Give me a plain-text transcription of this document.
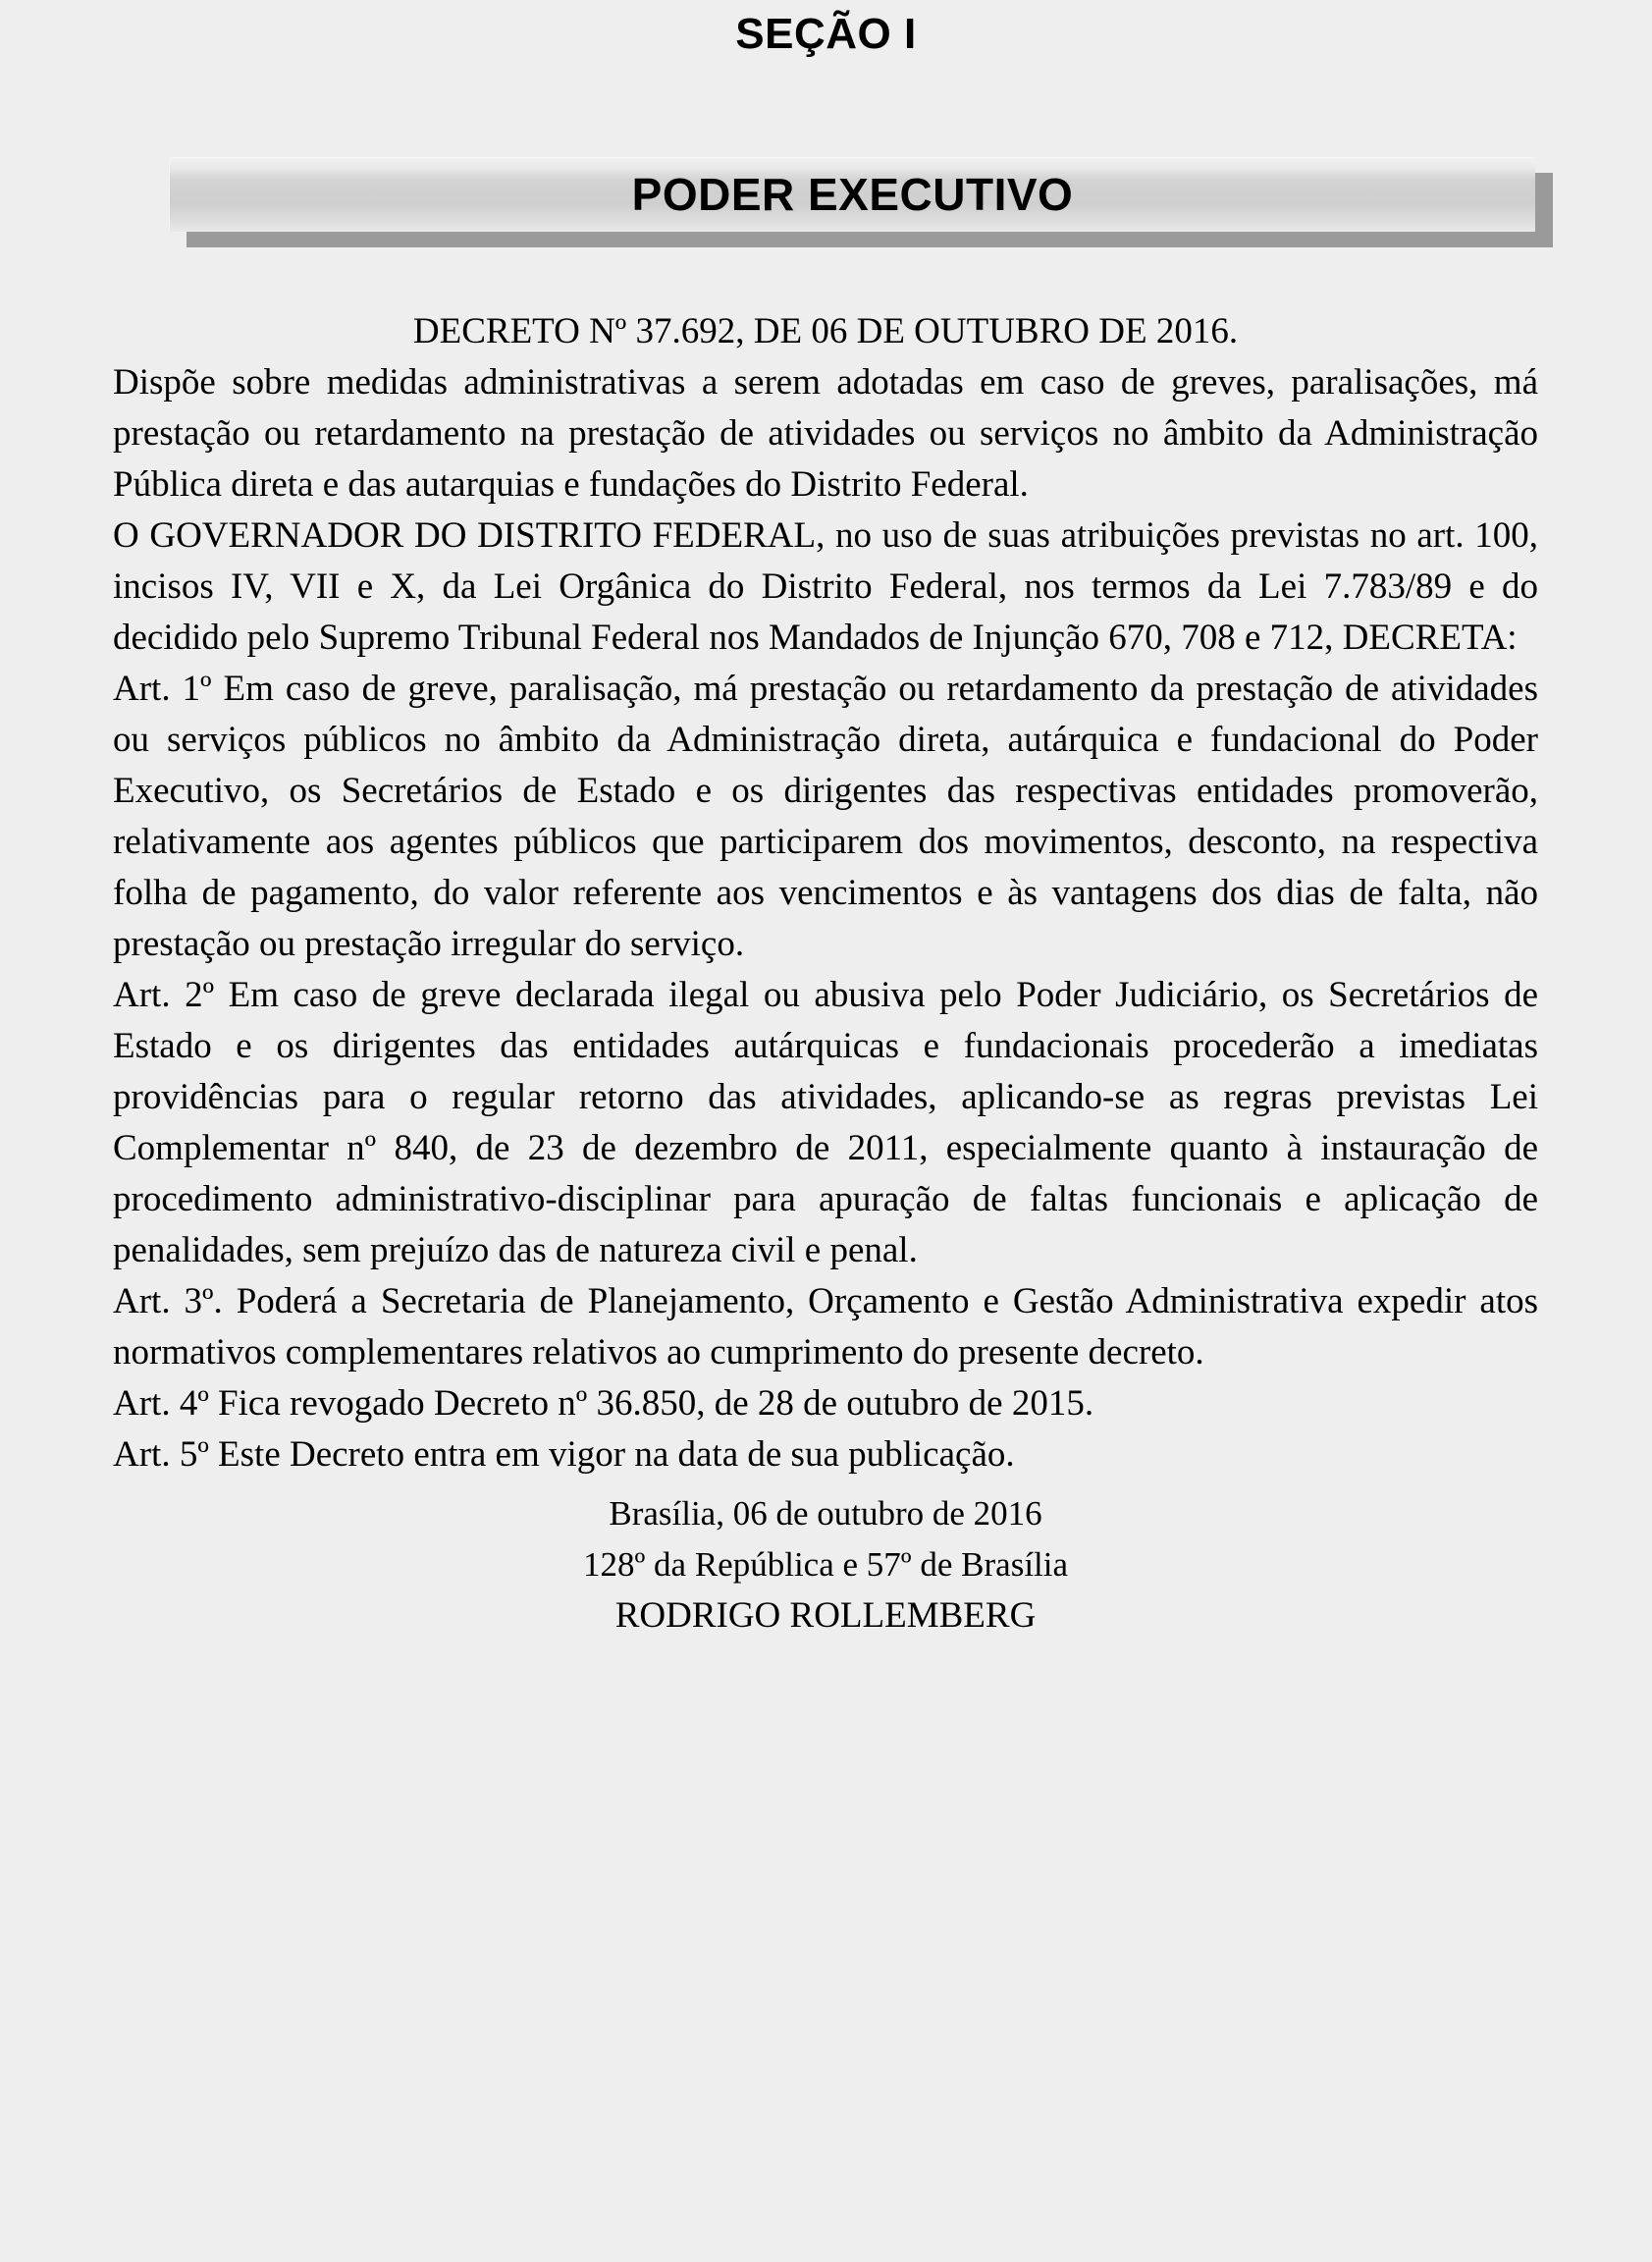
SEÇÃO I
PODER EXECUTIVO
DECRETO Nº 37.692, DE 06 DE OUTUBRO DE 2016.

Dispõe sobre medidas administrativas a serem adotadas em caso de greves, paralisações, má prestação ou retardamento na prestação de atividades ou serviços no âmbito da Administração Pública direta e das autarquias e fundações do Distrito Federal.

O GOVERNADOR DO DISTRITO FEDERAL, no uso de suas atribuições previstas no art. 100, incisos IV, VII e X, da Lei Orgânica do Distrito Federal, nos termos da Lei 7.783/89 e do decidido pelo Supremo Tribunal Federal nos Mandados de Injunção 670, 708 e 712, DECRETA:

Art. 1º Em caso de greve, paralisação, má prestação ou retardamento da prestação de atividades ou serviços públicos no âmbito da Administração direta, autárquica e fundacional do Poder Executivo, os Secretários de Estado e os dirigentes das respectivas entidades promoverão, relativamente aos agentes públicos que participarem dos movimentos, desconto, na respectiva folha de pagamento, do valor referente aos vencimentos e às vantagens dos dias de falta, não prestação ou prestação irregular do serviço.

Art. 2º Em caso de greve declarada ilegal ou abusiva pelo Poder Judiciário, os Secretários de Estado e os dirigentes das entidades autárquicas e fundacionais procederão a imediatas providências para o regular retorno das atividades, aplicando-se as regras previstas Lei Complementar nº 840, de 23 de dezembro de 2011, especialmente quanto à instauração de procedimento administrativo-disciplinar para apuração de faltas funcionais e aplicação de penalidades, sem prejuízo das de natureza civil e penal.

Art. 3º. Poderá a Secretaria de Planejamento, Orçamento e Gestão Administrativa expedir atos normativos complementares relativos ao cumprimento do presente decreto.

Art. 4º Fica revogado Decreto nº 36.850, de 28 de outubro de 2015.

Art. 5º Este Decreto entra em vigor na data de sua publicação.

Brasília, 06 de outubro de 2016
128º da República e 57º de Brasília
RODRIGO ROLLEMBERG
